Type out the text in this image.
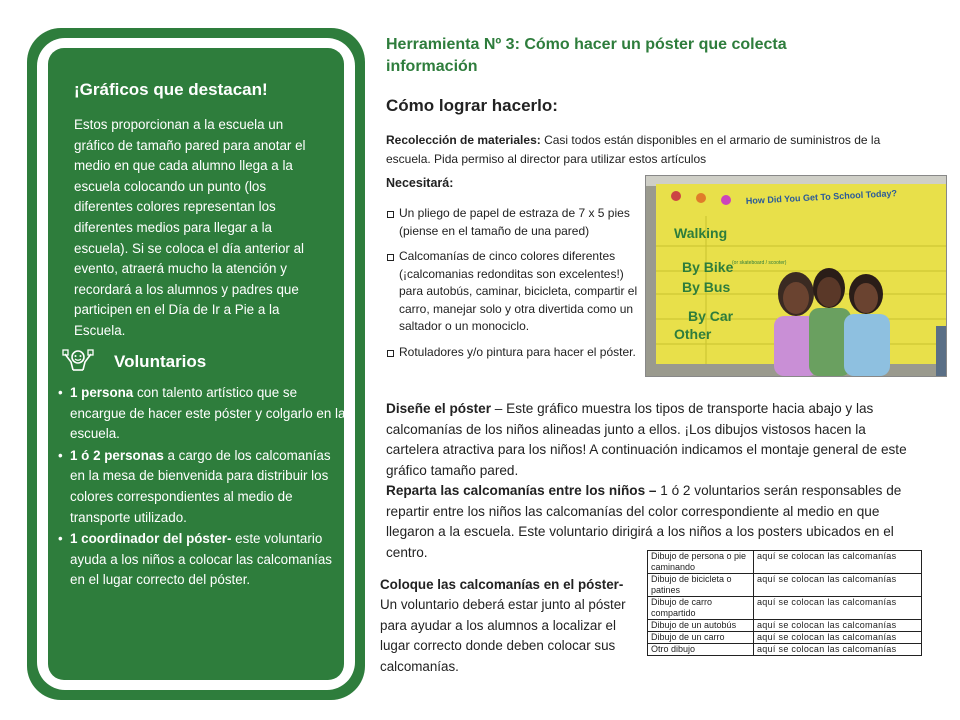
¡Gráficos que destacan!
Estos proporcionan a la escuela un gráfico de tamaño pared para anotar el medio en que cada alumno llega a la escuela colocando un punto (los diferentes colores representan los diferentes medios para llegar a la escuela). Si se coloca el día anterior al evento, atraerá mucho la atención y recordará a los alumnos y padres que participen en el Día de Ir a Pie a la Escuela.
Voluntarios
• 1 persona con talento artístico que se encargue de hacer este póster y colgarlo en la escuela.
• 1 ó 2 personas a cargo de los calcomanías en la mesa de bienvenida para distribuir los colores correspondientes al medio de transporte utilizado.
• 1 coordinador del póster- este voluntario ayuda a los niños a colocar las calcomanías en el lugar correcto del póster.
Herramienta Nº 3: Cómo hacer un póster que colecta información
Cómo lograr hacerlo:
Recolección de materiales: Casi todos están disponibles en el armario de suministros de la escuela. Pida permiso al director para utilizar estos artículos
Necesitará:
Un pliego de papel de estraza de 7 x 5 pies (piense en el tamaño de una pared)
Calcomanías de cinco colores diferentes (¡calcomanias redonditas son excelentes!) para autobús, caminar, bicicleta, compartir el carro, manejar solo y otra divertida como un saltador o un monociclo.
Rotuladores y/o pintura para hacer el póster.
How Did You Get To School Today?
Walking
By Bike
(or skateboard / scooter)
By Bus
By Car
Other
Diseñe el póster – Este gráfico muestra los tipos de transporte hacia abajo y las calcomanías de los niños alineadas junto a ellos. ¡Los dibujos vistosos hacen la cartelera atractiva para los niños! A continuación indicamos el montaje general de este gráfico tamaño pared.
Reparta las calcomanías entre los niños – 1 ó 2 voluntarios serán responsables de repartir entre los niños las calcomanías del color correspondiente al medio en que llegaron a la escuela. Este voluntario dirigirá a los niños a los posters ubicados en el centro.
Coloque las calcomanías en el póster- Un voluntario deberá estar junto al póster para ayudar a los alumnos a localizar el lugar correcto donde deben colocar sus calcomanías.
Dibujo de persona o pie caminando	aquí se colocan las calcomanías
Dibujo de bicicleta o patines	aquí se colocan las calcomanías
Dibujo de carro compartido	aquí se colocan las calcomanías
Dibujo de un autobús	aquí se colocan las calcomanías
Dibujo de un carro	aquí se colocan las calcomanías
Otro dibujo	aquí se colocan las calcomanías
